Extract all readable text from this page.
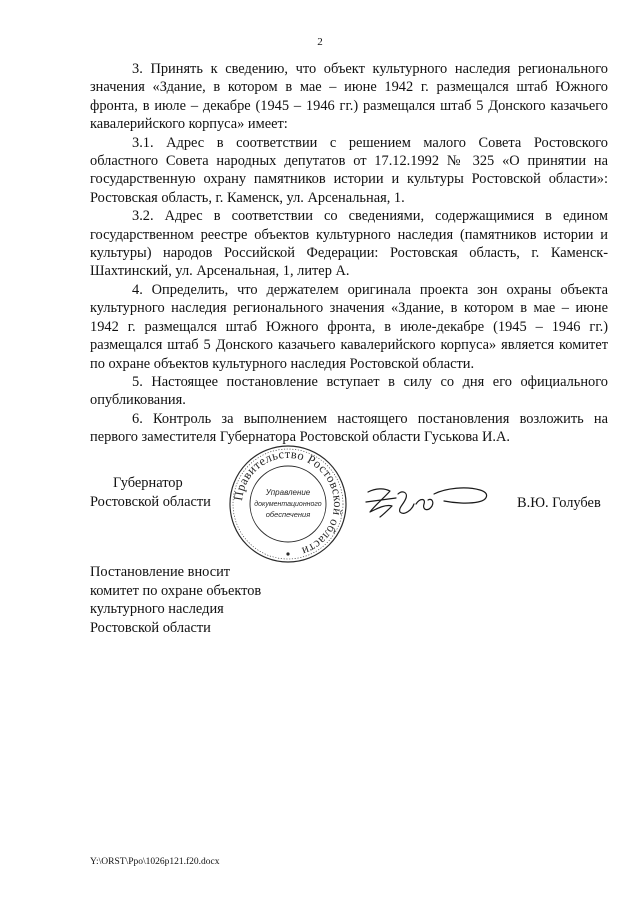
2

3. Принять к сведению, что объект культурного наследия регионального значения «Здание, в котором в мае – июне 1942 г. размещался штаб Южного фронта, в июле – декабре (1945 – 1946 гг.) размещался штаб 5 Донского казачьего кавалерийского корпуса» имеет:

3.1. Адрес в соответствии с решением малого Совета Ростовского областного Совета народных депутатов от 17.12.1992 № 325 «О принятии на государственную охрану памятников истории и культуры Ростовской области»: Ростовская область, г. Каменск, ул. Арсенальная, 1.

3.2. Адрес в соответствии со сведениями, содержащимися в едином государственном реестре объектов культурного наследия (памятников истории и культуры) народов Российской Федерации: Ростовская область, г. Каменск-Шахтинский, ул. Арсенальная, 1, литер А.

4. Определить, что держателем оригинала проекта зон охраны объекта культурного наследия регионального значения «Здание, в котором в мае – июне 1942 г. размещался штаб Южного фронта, в июле-декабре (1945 – 1946 гг.) размещался штаб 5 Донского казачьего кавалерийского корпуса» является комитет по охране объектов культурного наследия Ростовской области.

5. Настоящее постановление вступает в силу со дня его официального опубликования.

6. Контроль за выполнением настоящего постановления возложить на первого заместителя Губернатора Ростовской области Гуськова И.А.

Губернатор
Ростовской области	Правительство Ростовской области
Управление
документационного
обеспечения
В.Ю. Голубев
Постановление вносит
комитет по охране объектов
культурного наследия
Ростовской области
Y:\ORST\Ppo\1026p121.f20.docx
